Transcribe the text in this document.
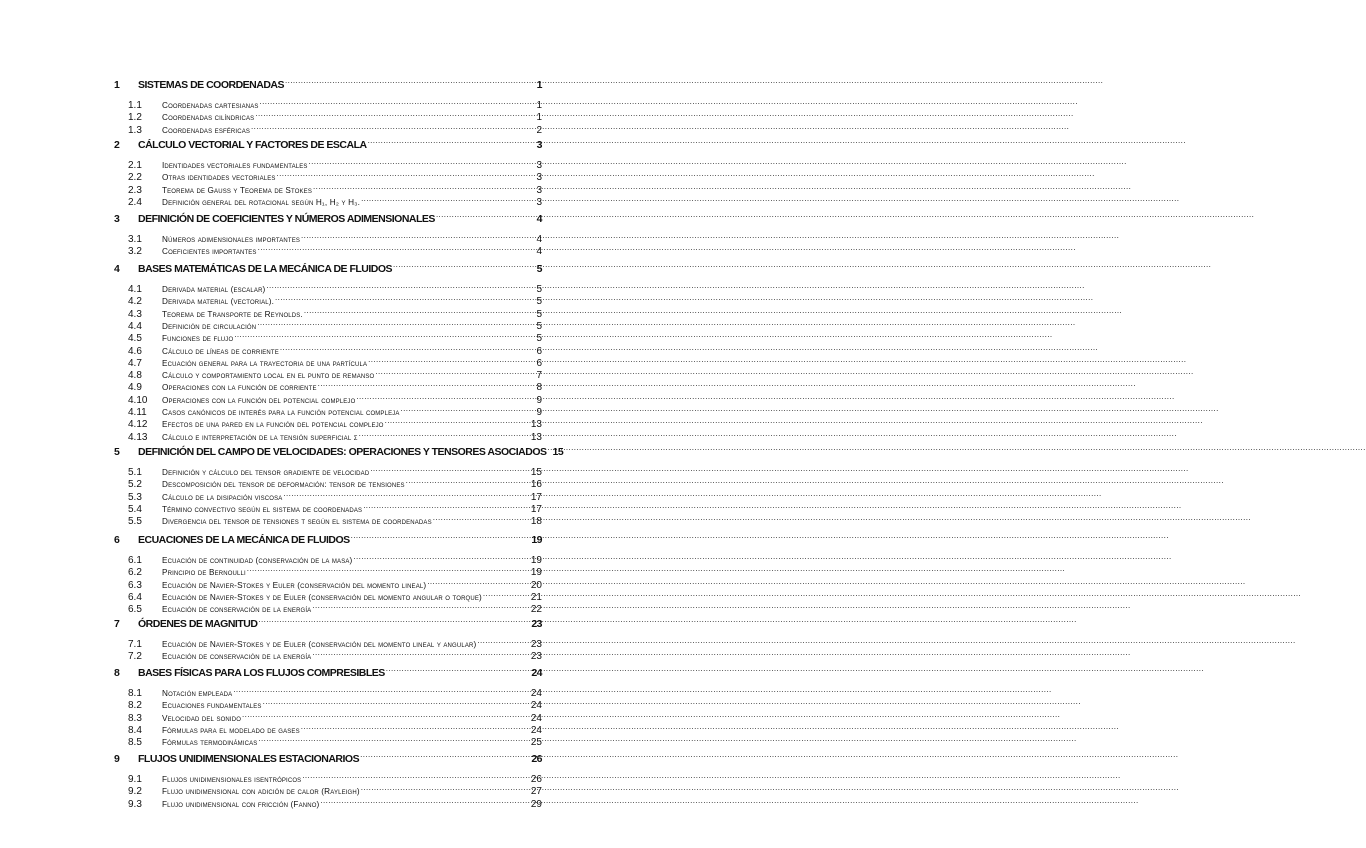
1	SISTEMAS DE COORDENADAS .....	1
1.1	Coordenadas cartesianas .....	1
1.2	Coordenadas cilíndricas .....	1
1.3	Coordenadas esféricas .....	2
2	CÁLCULO VECTORIAL Y FACTORES DE ESCALA .....	3
2.1	Identidades vectoriales fundamentales .....	3
2.2	Otras identidades vectoriales .....	3
2.3	Teorema de Gauss y Teorema de Stokes .....	3
2.4	Definición general del rotacional según H₁, H₂ y H₃. .....	3
3	DEFINICIÓN DE COEFICIENTES Y NÚMEROS ADIMENSIONALES .....	4
3.1	Números adimensionales importantes .....	4
3.2	Coeficientes importantes .....	4
4	BASES MATEMÁTICAS DE LA MECÁNICA DE FLUIDOS .....	5
4.1	Derivada material (escalar) .....	5
4.2	Derivada material (vectorial). .....	5
4.3	Teorema de Transporte de Reynolds. .....	5
4.4	Definición de circulación .....	5
4.5	Funciones de flujo .....	5
4.6	Cálculo de líneas de corriente .....	6
4.7	Ecuación general para la trayectoria de una partícula .....	6
4.8	Cálculo y comportamiento local en el punto de remanso .....	7
4.9	Operaciones con la función de corriente .....	8
4.10	Operaciones con la función del potencial complejo .....	9
4.11	Casos canónicos de interés para la función potencial compleja .....	9
4.12	Efectos de una pared en la función del potencial complejo .....	13
4.13	Cálculo e interpretación de la tensión superficial σ .....	13
5	DEFINICIÓN DEL CAMPO DE VELOCIDADES: OPERACIONES Y TENSORES ASOCIADOS ..... 15
5.1	Definición y cálculo del tensor gradiente de velocidad .....	15
5.2	Descomposición del tensor de deformación: tensor de tensiones .....	16
5.3	Cálculo de la disipación viscosa .....	17
5.4	Término convectivo según el sistema de coordenadas .....	17
5.5	Divergencia del tensor de tensiones τ según el sistema de coordenadas .....	18
6	ECUACIONES DE LA MECÁNICA DE FLUIDOS .....	19
6.1	Ecuación de continuidad (conservación de la masa) .....	19
6.2	Principio de Bernoulli .....	19
6.3	Ecuación de Navier-Stokes y Euler (conservación del momento lineal) .....	20
6.4	Ecuación de Navier-Stokes y de Euler (conservación del momento angular o torque) .....	21
6.5	Ecuación de conservación de la energía .....	22
7	ÓRDENES DE MAGNITUD .....	23
7.1	Ecuación de Navier-Stokes y de Euler (conservación del momento lineal y angular) .....	23
7.2	Ecuación de conservación de la energía .....	23
8	BASES FÍSICAS PARA LOS FLUJOS COMPRESIBLES .....	24
8.1	Notación empleada .....	24
8.2	Ecuaciones fundamentales .....	24
8.3	Velocidad del sonido .....	24
8.4	Fórmulas para el modelado de gases .....	24
8.5	Fórmulas termodinámicas .....	25
9	FLUJOS UNIDIMENSIONALES ESTACIONARIOS .....	26
9.1	Flujos unidimensionales isentrópicos .....	26
9.2	Flujo unidimensional con adición de calor (Rayleigh) .....	27
9.3	Flujo unidimensional con fricción (Fanno) .....	29
